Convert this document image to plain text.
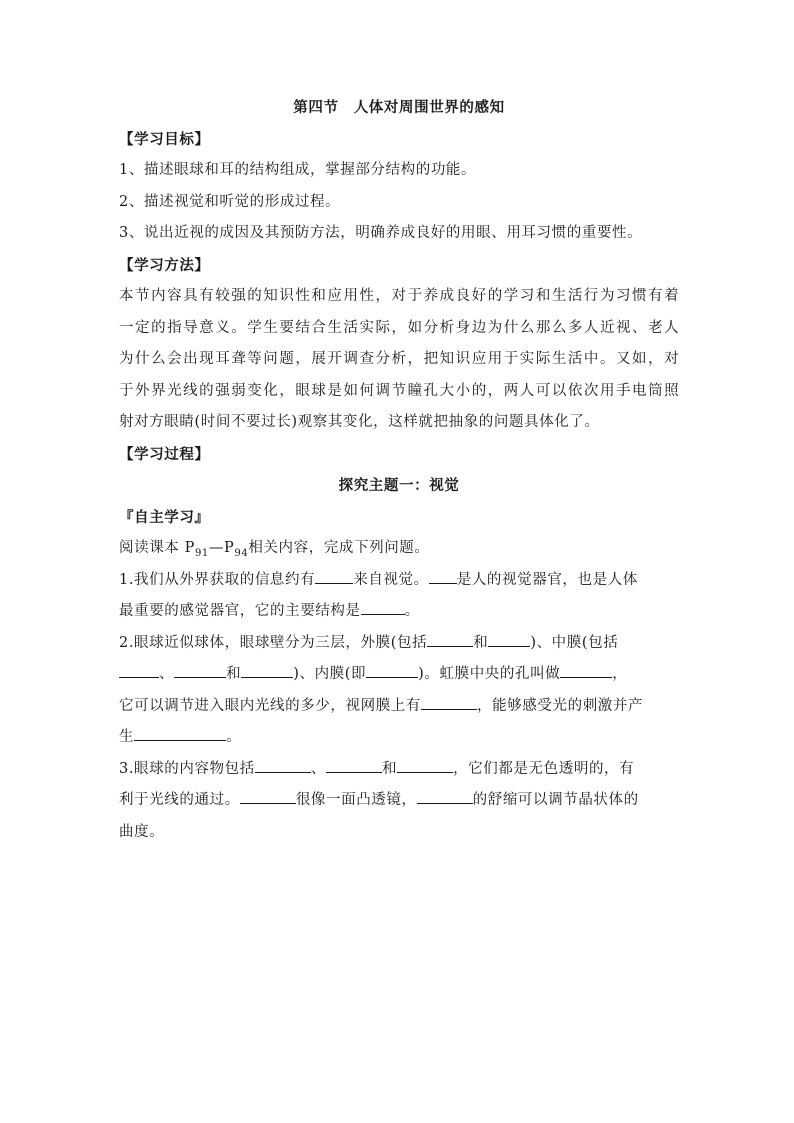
第四节　人体对周围世界的感知
【学习目标】
1、描述眼球和耳的结构组成，掌握部分结构的功能。
2、描述视觉和听觉的形成过程。
3、说出近视的成因及其预防方法，明确养成良好的用眼、用耳习惯的重要性。
【学习方法】
本节内容具有较强的知识性和应用性，对于养成良好的学习和生活行为习惯有着
一定的指导意义。学生要结合生活实际，如分析身边为什么那么多人近视、老人
为什么会出现耳聋等问题，展开调查分析，把知识应用于实际生活中。又如，对
于外界光线的强弱变化，眼球是如何调节瞳孔大小的，两人可以依次用手电筒照
射对方眼睛(时间不要过长)观察其变化，这样就把抽象的问题具体化了。
【学习过程】
探究主题一：视觉
『自主学习』
阅读课本 $P_{91}—P_{94}$相关内容，完成下列问题。
1.我们从外界获取的信息约有	来自视觉。 是人的视觉器官，也是人体
最重要的感觉器官，它的主要结构是	。
2.眼球近似球体，眼球壁分为三层，外膜(包括	和	)、中膜(包括
、	和	)、内膜(即	)。虹膜中央的孔叫做	，
它可以调节进入眼内光线的多少，视网膜上有	，能够感受光的刺激并产
生	。
3.眼球的内容物包括	、	和	，它们都是无色透明的，有
利于光线的通过。	很像一面凸透镜，	的舒缩可以调节晶状体的
曲度。
